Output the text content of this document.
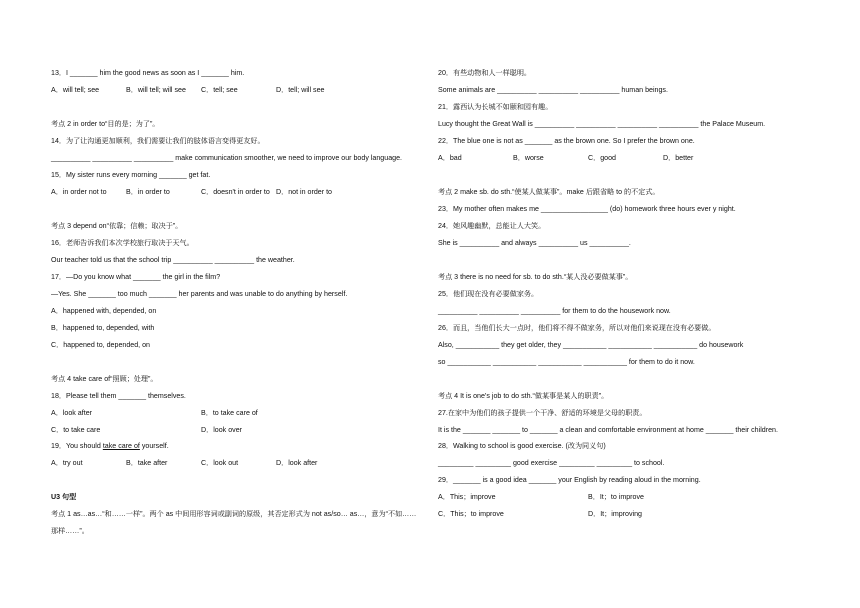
13．I _______ him the good news as soon as I _______ him.
A．will tell; see	B．will tell; will see	C．tell; see	D．tell; will see
考点 2 in order to“目的是；为了”。
14．为了让沟通更加顺利，我们需要让我们的肢体语言变得更友好。
__________ __________ __________ make communication smoother, we need to improve our body language.
15．My sister runs every morning _______ get fat.
A．in order not to	B．in order to	C．doesn't in order to D．not in order to
考点 3 depend on“依靠；信赖；取决于”。
16．老师告诉我们本次学校旅行取决于天气。
Our teacher told us that the school trip __________ __________ the weather.
17．—Do you know what _______ the girl in the film?
—Yes. She _______ too much _______ her parents and was unable to do anything by herself.
A．happened with, depended, on
B．happened to, depended, with
C．happened to, depended, on
考点 4 take care of“照顾；处理”。
18．Please tell them _______ themselves.
A．look after	B．to take care of
C．to take care	D．look over
19．You should take care of yourself.
A．try out	B．take after	C．look out	D．look after
U3 句型
考点 1 as…as…“和……一样”。两个 as 中间用形容词或副词的原级，其否定形式为 not as/so… as…，意为“不如……
那样……”。
20．有些动物和人一样聪明。
Some animals are __________ __________ __________ human beings.
21．露西认为长城不如颐和园有趣。
Lucy thought the Great Wall is __________ __________ __________ __________ the Palace Museum.
22．The blue one is not as _______ as the brown one. So I prefer the brown one.
A．bad	B．worse	C．good	D．better
考点 2 make sb. do sth.“使某人做某事”。make 后跟省略 to 的不定式。
23．My mother often makes me _________________ (do) homework three hours ever y night.
24．她风趣幽默，总能让人大笑。
She is __________ and always __________ us __________.
考点 3 there is no need for sb. to do sth.“某人没必要做某事”。
25．他们现在没有必要做家务。
__________ __________ __________ for them to do the housework now.
26．而且，当他们长大一点时，他们将不得不做家务，所以对他们来说现在没有必要做。
Also, ___________ they get older, they ___________ ___________ ___________ do housework
so ___________ ___________ ___________ ___________ for them to do it now.
考点 4 It is one’s job to do sth.“做某事是某人的职责”。
27.在家中为他们的孩子提供一个干净、舒适的环境是父母的职责。
It is the _______ _______ to _______ a clean and comfortable environment at home _______ their children.
28．Walking to school is good exercise. (改为同义句)
_________ _________ good exercise _________ _________ to school.
29．_______ is a good idea _______ your English by reading aloud in the morning.
A．This；improve	B．It；to improve
C．This；to improve	D．It；improving
